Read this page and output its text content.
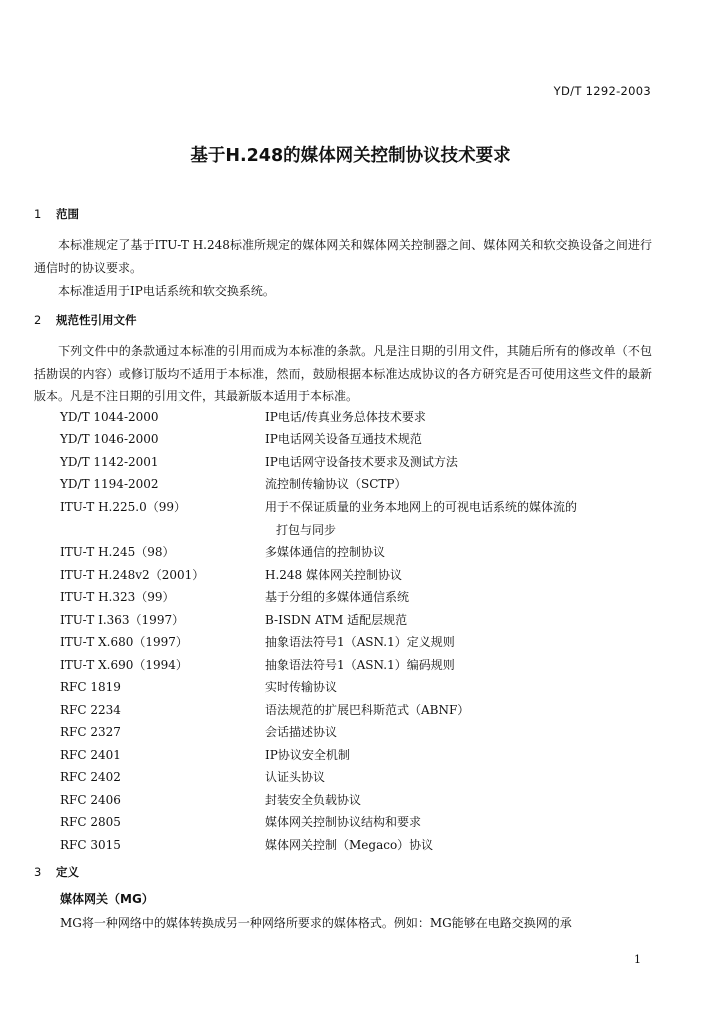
YD/T 1292-2003
基于H.248的媒体网关控制协议技术要求
1 范围
本标准规定了基于ITU-T H.248标准所规定的媒体网关和媒体网关控制器之间、媒体网关和软交换设备之间进行通信时的协议要求。
本标准适用于IP电话系统和软交换系统。
2 规范性引用文件
下列文件中的条款通过本标准的引用而成为本标准的条款。凡是注日期的引用文件，其随后所有的修改单（不包括勘误的内容）或修订版均不适用于本标准，然而，鼓励根据本标准达成协议的各方研究是否可使用这些文件的最新版本。凡是不注日期的引用文件，其最新版本适用于本标准。
YD/T 1044-2000	IP电话/传真业务总体技术要求
YD/T 1046-2000	IP电话网关设备互通技术规范
YD/T 1142-2001	IP电话网守设备技术要求及测试方法
YD/T 1194-2002	流控制传输协议（SCTP）
ITU-T H.225.0（99）	用于不保证质量的业务本地网上的可视电话系统的媒体流的
打包与同步
ITU-T H.245（98）	多媒体通信的控制协议
ITU-T H.248v2（2001）	H.248 媒体网关控制协议
ITU-T H.323（99）	基于分组的多媒体通信系统
ITU-T I.363（1997）	B-ISDN ATM 适配层规范
ITU-T X.680（1997）	抽象语法符号1（ASN.1）定义规则
ITU-T X.690（1994）	抽象语法符号1（ASN.1）编码规则
RFC 1819	实时传输协议
RFC 2234	语法规范的扩展巴科斯范式（ABNF）
RFC 2327	会话描述协议
RFC 2401	IP协议安全机制
RFC 2402	认证头协议
RFC 2406	封装安全负载协议
RFC 2805	媒体网关控制协议结构和要求
RFC 3015	媒体网关控制（Megaco）协议
3 定义
媒体网关（MG）
MG将一种网络中的媒体转换成另一种网络所要求的媒体格式。例如：MG能够在电路交换网的承
1
